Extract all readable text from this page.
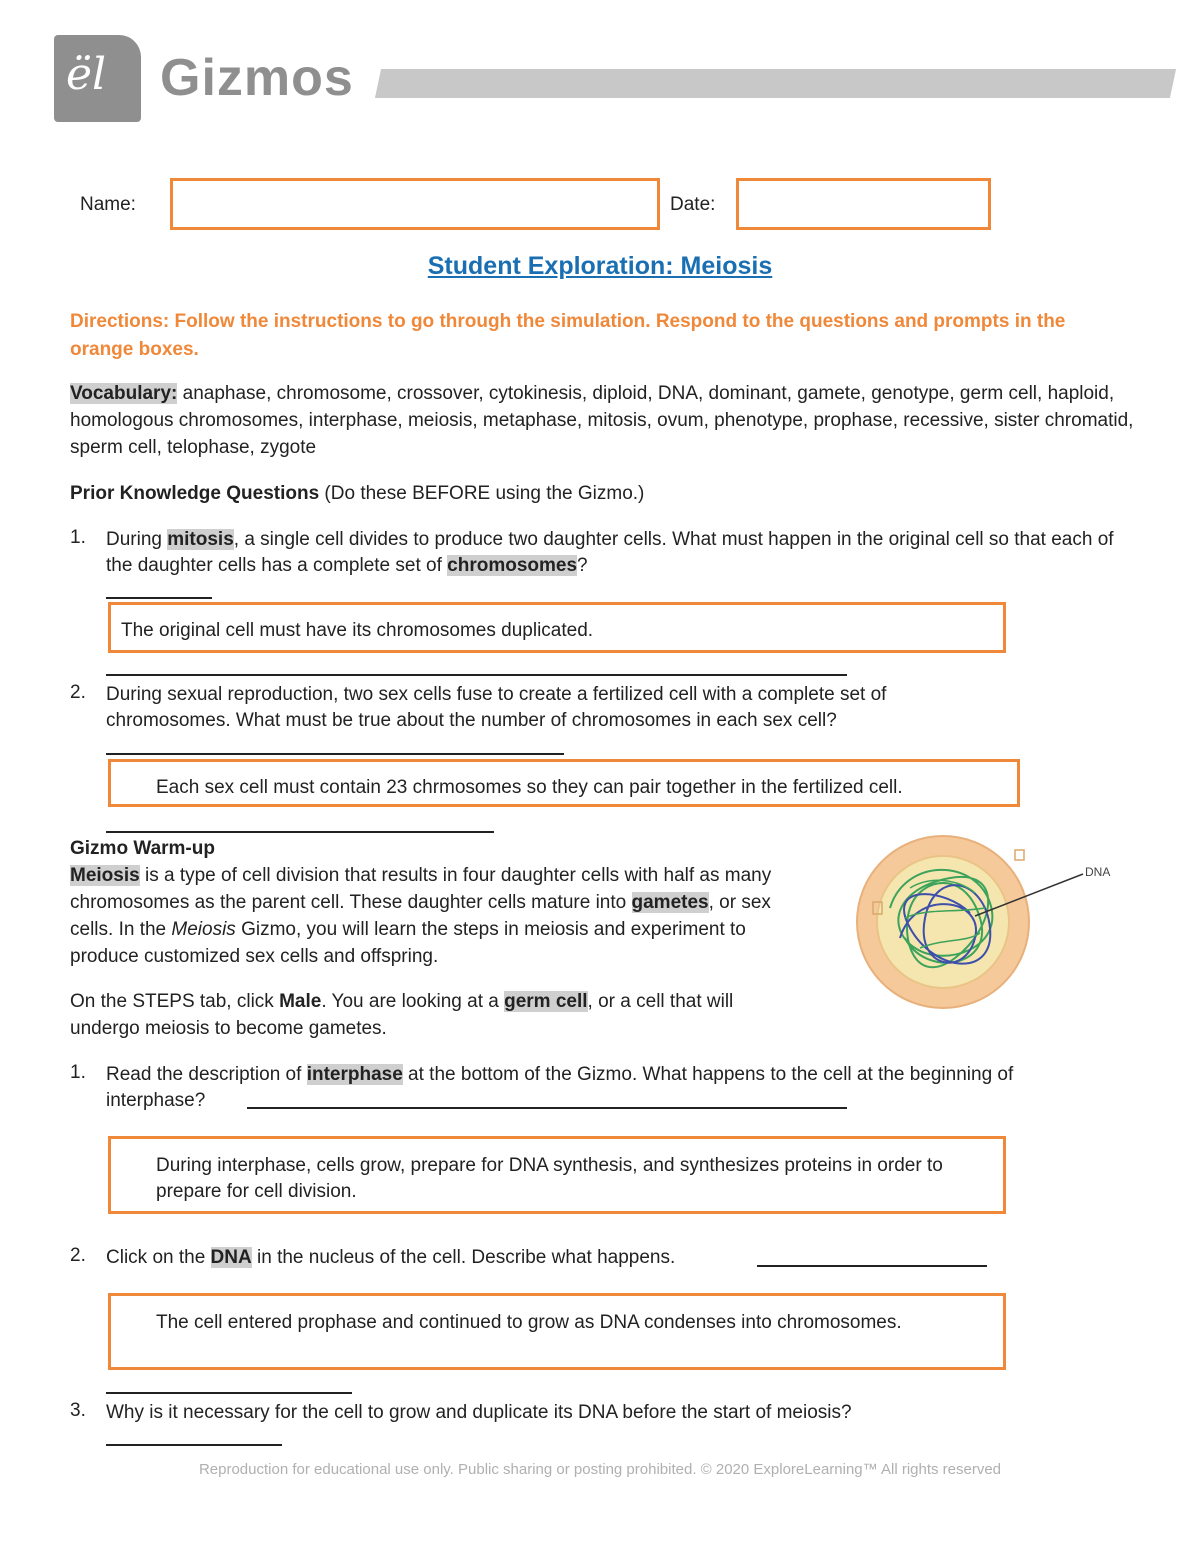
ël Gizmos
Name:	Date:
Student Exploration: Meiosis
Directions: Follow the instructions to go through the simulation. Respond to the questions and prompts in the orange boxes.
Vocabulary: anaphase, chromosome, crossover, cytokinesis, diploid, DNA, dominant, gamete, genotype, germ cell, haploid, homologous chromosomes, interphase, meiosis, metaphase, mitosis, ovum, phenotype, prophase, recessive, sister chromatid, sperm cell, telophase, zygote
Prior Knowledge Questions (Do these BEFORE using the Gizmo.)
1. During mitosis, a single cell divides to produce two daughter cells. What must happen in the original cell so that each of the daughter cells has a complete set of chromosomes?
The original cell must have its chromosomes duplicated.
2. During sexual reproduction, two sex cells fuse to create a fertilized cell with a complete set of chromosomes. What must be true about the number of chromosomes in each sex cell?
Each sex cell must contain 23 chrmosomes so they can pair together in the fertilized cell.
Gizmo Warm-up
Meiosis is a type of cell division that results in four daughter cells with half as many chromosomes as the parent cell. These daughter cells mature into gametes, or sex cells. In the Meiosis Gizmo, you will learn the steps in meiosis and experiment to produce customized sex cells and offspring.
On the STEPS tab, click Male. You are looking at a germ cell, or a cell that will undergo meiosis to become gametes.
DNA
1. Read the description of interphase at the bottom of the Gizmo. What happens to the cell at the beginning of interphase?
During interphase, cells grow, prepare for DNA synthesis, and synthesizes proteins in order to prepare for cell division.
2. Click on the DNA in the nucleus of the cell. Describe what happens.
The cell entered prophase and continued to grow as DNA condenses into chromosomes.
3. Why is it necessary for the cell to grow and duplicate its DNA before the start of meiosis?
Reproduction for educational use only. Public sharing or posting prohibited. © 2020 ExploreLearning™ All rights reserved
